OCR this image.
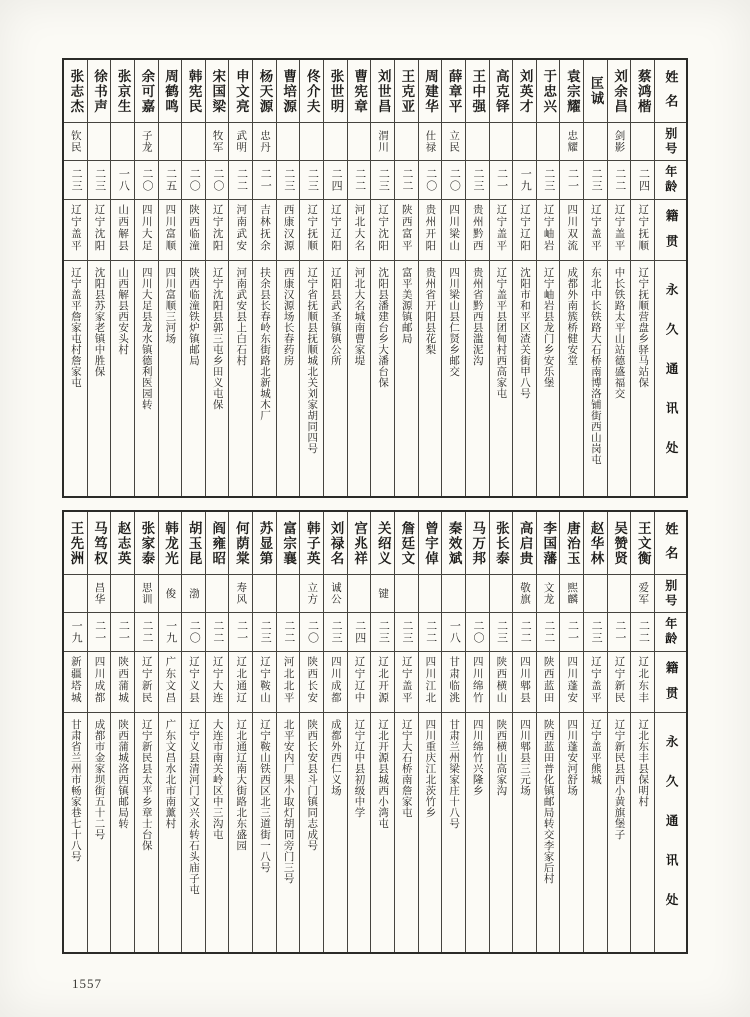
蔡鸿楷
二四
辽宁抚顺
辽宁抚顺营盘乡驿马站保
刘余昌
剑影
二二
辽宁盖平
中长铁路太平山站德盛福交
匡诚
二三
辽宁盖平
东北中长铁路大石桥南博洛铺街西山岗屯
袁宗耀
忠耀
二一
四川双流
成都外南簇桥健安堂
于忠兴
二三
辽宁岫岩
辽宁岫岩县龙门乡安乐堡
刘英才
一九
辽宁辽阳
沈阳市和平区渣关街甲八号
高克铎
二一
辽宁盖平
辽宁盖平县团甸村西高家屯
王中强
二三
贵州黔西
贵州省黔西县滥泥沟
薛章平
立民
二〇
四川梁山
四川梁山县仁贤乡邮交
周建华
仕禄
二〇
贵州开阳
贵州省开阳县花梨
王克亚
二二
陕西富平
富平美源镇邮局
刘世昌
渭川
二三
辽宁沈阳
沈阳县潘建台乡大潘台保
曹宪章
二二
河北大名
河北大名城南曹家堤
张世明
二四
辽宁辽阳
辽阳县武圣镇镇公所
佟介夫
二三
辽宁抚顺
辽宁省抚顺县抚顺城北关刘家胡同四号
曹培源
二三
西康汉源
西康汉源场长春药房
杨天源
忠丹
二一
吉林抚余
扶余县长春岭东街路北新城木厂
申文亮
武明
二二
河南武安
河南武安县上白石村
宋国梁
牧军
二〇
辽宁沈阳
辽宁沈阳县郭三屯乡田义屯保
韩宪民
二〇
陕西临潼
陕西临潼铁炉镇邮局
周鹤鸣
二五
四川富顺
四川富顺三河场
余可嘉
子龙
二〇
四川大足
四川大足县龙水镇德利医园转
张京生
一八
山西解县
山西解县西安头村
徐书声
二三
辽宁沈阳
沈阳县苏家老镇中胜保
张志杰
钦民
二三
辽宁盖平
辽宁盖平詹家屯村詹家屯
姓名
别号
年龄
籍贯
永久通讯处
王文衡
爱军
二二
辽北东丰
辽北东丰县保明村
吴赞贤
二一
辽宁新民
辽宁新民县西小黄旗堡子
赵华林
二三
辽宁盖平
辽宁盖平熊城
唐治玉
熙麟
二一
四川蓬安
四川蓬安河舒场
李国藩
文龙
二二
陕西蓝田
陕西蓝田普化镇邮局转交李家后村
高启贵
敬旗
二二
四川郫县
四川郫县三元场
张长泰
二三
陕西横山
陕西横山高家沟
马万邦
二〇
四川绵竹
四川绵竹兴隆乡
秦效斌
一八
甘肃临洮
甘肃兰州梁家庄十八号
曾宇倬
二二
四川江北
四川重庆江北茨竹乡
詹廷文
二三
辽宁盖平
辽宁大石桥南詹家屯
关绍义
键
二三
辽北开源
辽北开源县城西小湾屯
宫兆祥
二四
辽宁辽中
辽宁辽中县初级中学
刘禄名
诚公
二三
四川成都
成都外西仁义场
韩子英
立方
二〇
陕西长安
陕西长安县斗门镇同志成号
富宗襄
二二
河北北平
北平安内厂果小取灯胡同旁门三号
苏显第
二三
辽宁鞍山
辽宁鞍山铁西区北三道街一八号
何荫棠
寿风
二一
辽北通辽
辽北通辽南大街路北东盛园
阎雍昭
二二
辽宁大连
大连市南关岭区中三沟屯
胡玉昆
渤
二〇
辽宁义县
辽宁义县清河门文兴永转石头庙子屯
韩龙光
俊
一九
广东文昌
广东文昌水北市南薰村
张家泰
思训
二二
辽宁新民
辽宁新民县太平乡章士台保
赵志英
二一
陕西蒲城
陕西蒲城洛西镇邮局转
马笃权
昌华
二一
四川成都
成都市金家坝街五十二号
王先洲
一九
新疆塔城
甘肃省兰州市畅家巷七十八号
姓名
别号
年龄
籍贯
永久通讯处
1557
